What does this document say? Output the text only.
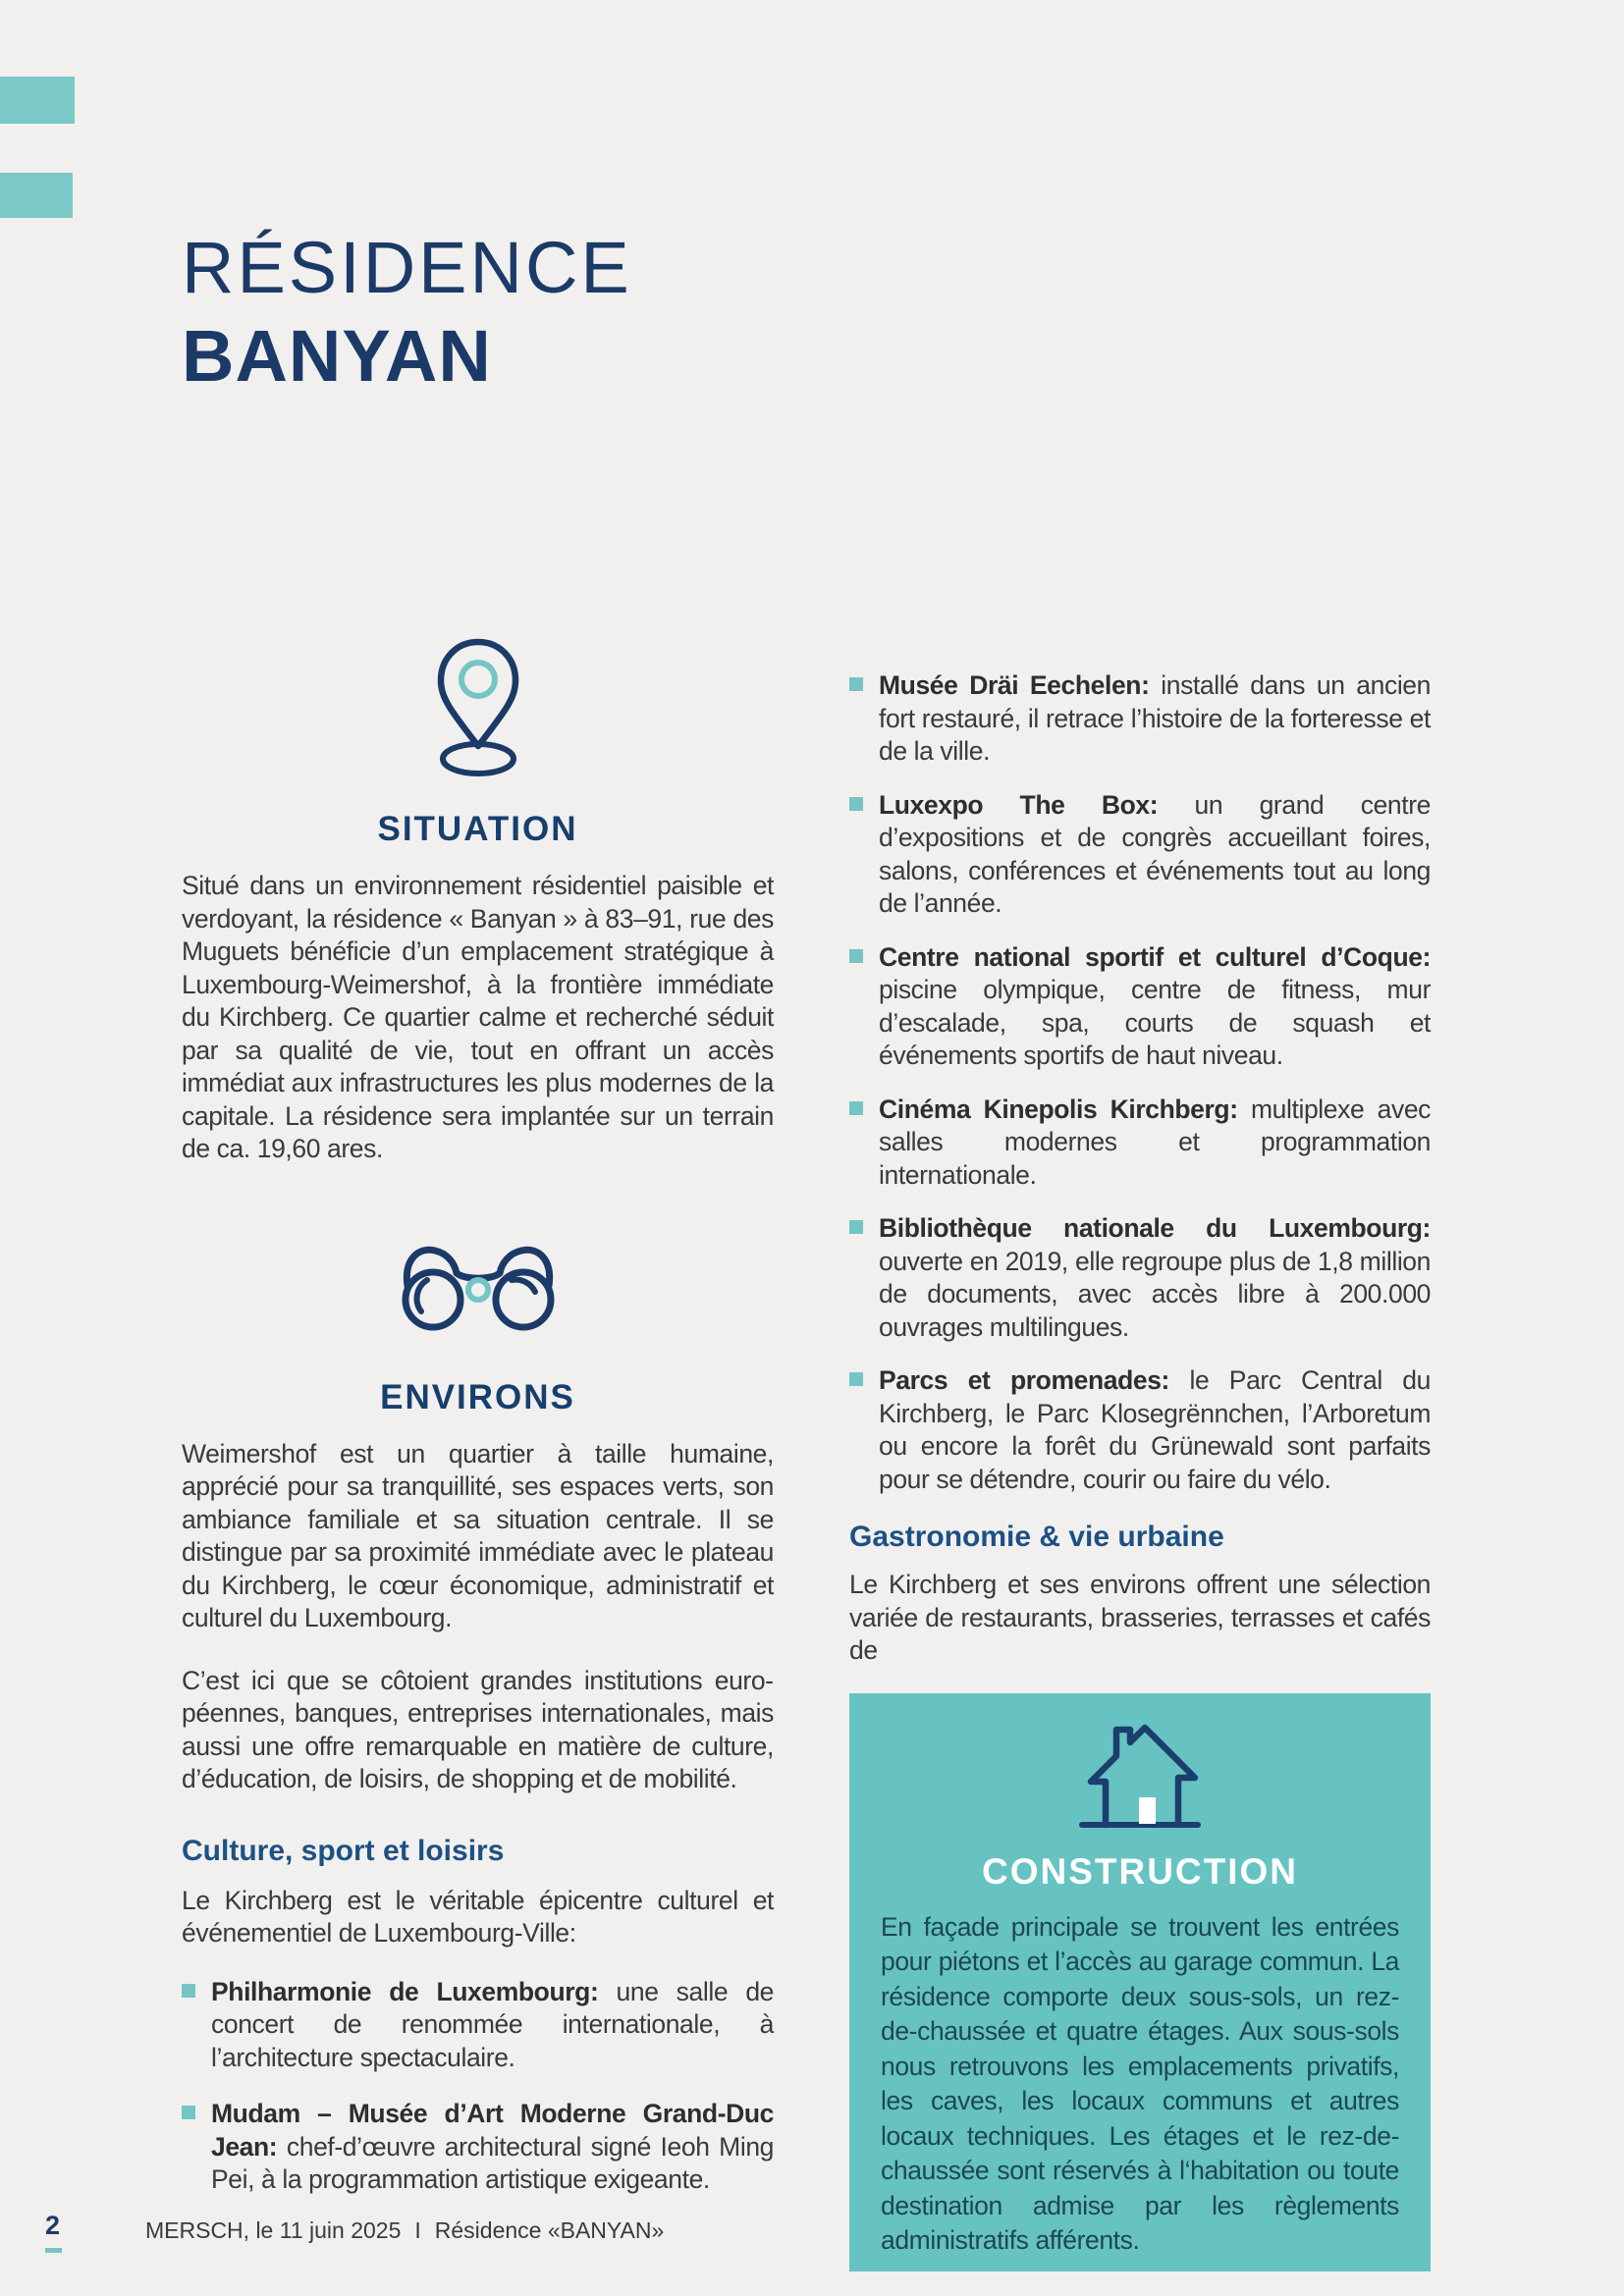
RÉSIDENCE
BANYAN
SITUATION

Situé dans un environnement résidentiel paisible et verdoyant, la résidence « Banyan » à 83–91, rue des Muguets bénéficie d’un emplacement stratégique à Luxembourg-Weimershof, à la frontière immédiate du Kirchberg. Ce quartier calme et recherché séduit par sa qualité de vie, tout en offrant un accès immédiat aux infrastructures les plus modernes de la capitale. La résidence sera implantée sur un terrain de ca. 19,60 ares.

ENVIRONS

Weimershof est un quartier à taille humaine, apprécié pour sa tranquillité, ses espaces verts, son ambiance familiale et sa situation centrale. Il se distingue par sa proximité immédiate avec le plateau du Kirchberg, le cœur économique, administratif et culturel du Luxembourg.

C’est ici que se côtoient grandes institutions européennes, banques, entreprises internationales, mais aussi une offre remarquable en matière de culture, d’éducation, de loisirs, de shopping et de mobilité.

Culture, sport et loisirs

Le Kirchberg est le véritable épicentre culturel et événementiel de Luxembourg-Ville:

Philharmonie de Luxembourg: une salle de concert de renommée internationale, à l’architecture spectaculaire.

Mudam – Musée d’Art Moderne Grand-Duc Jean: chef-d’œuvre architectural signé Ieoh Ming Pei, à la programmation artistique exigeante.

Musée Dräi Eechelen: installé dans un ancien fort restauré, il retrace l’histoire de la forteresse et de la ville.

Luxexpo The Box: un grand centre d’expositions et de congrès accueillant foires, salons, conférences et événements tout au long de l’année.

Centre national sportif et culturel d’Coque: piscine olympique, centre de fitness, mur d’escalade, spa, courts de squash et événements sportifs de haut niveau.

Cinéma Kinepolis Kirchberg: multiplexe avec salles modernes et programmation internationale.

Bibliothèque nationale du Luxembourg: ouverte en 2019, elle regroupe plus de 1,8 million de documents, avec accès libre à 200.000 ouvrages multilingues.

Parcs et promenades: le Parc Central du Kirchberg, le Parc Klosegrënnchen, l’Arboretum ou encore la forêt du Grünewald sont parfaits pour se détendre, courir ou faire du vélo.

Gastronomie & vie urbaine

Le Kirchberg et ses environs offrent une sélection variée de restaurants, brasseries, terrasses et cafés de

CONSTRUCTION

En façade principale se trouvent les entrées pour piétons et l’accès au garage commun. La résidence comporte deux sous-sols, un rez-de-chaussée et quatre étages. Aux sous-sols nous retrouvons les emplacements privatifs, les caves, les locaux communs et autres locaux techniques. Les étages et le rez-de-chaussée sont réservés à l‘habitation ou toute destination admise par les règlements administratifs afférents.

2	MERSCH, le 11 juin 2025 I Résidence «BANYAN»
